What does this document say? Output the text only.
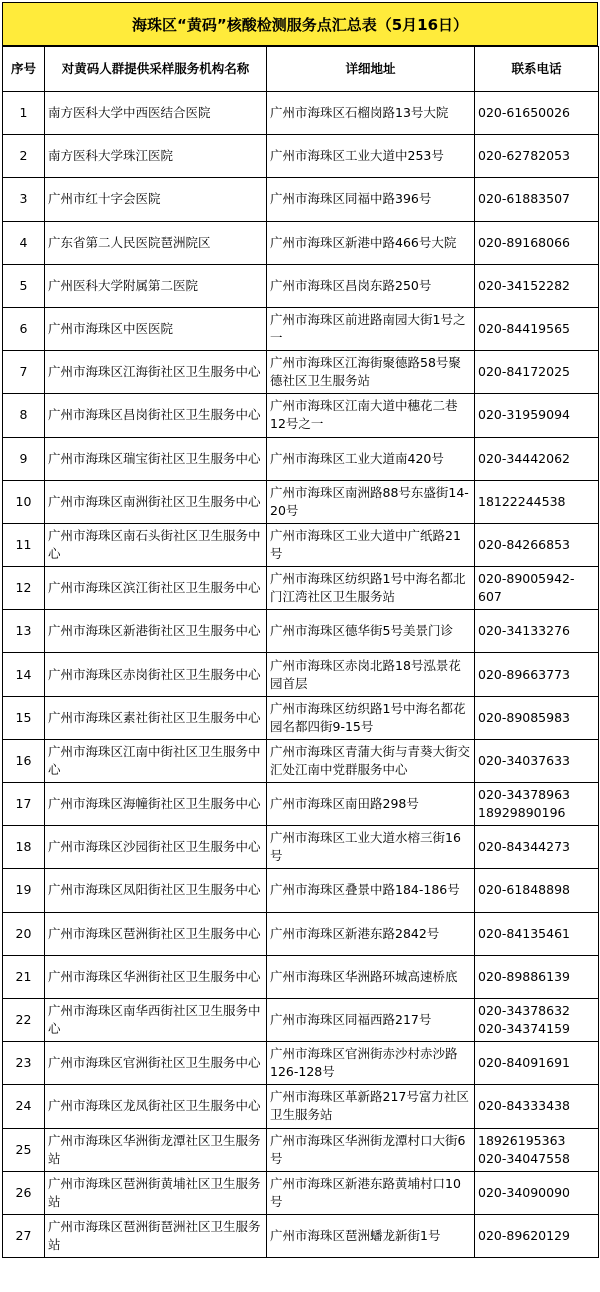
海珠区“黄码”核酸检测服务点汇总表（5月16日）
序号	对黄码人群提供采样服务机构名称	详细地址	联系电话
1	南方医科大学中西医结合医院	广州市海珠区石榴岗路13号大院	020-61650026

2	南方医科大学珠江医院	广州市海珠区工业大道中253号	020-62782053

3	广州市红十字会医院	广州市海珠区同福中路396号	020-61883507

4	广东省第二人民医院琶洲院区	广州市海珠区新港中路466号大院	020-89168066

5	广州医科大学附属第二医院	广州市海珠区昌岗东路250号	020-34152282

6	广州市海珠区中医医院	广州市海珠区前进路南园大街1号之一	020-84419565

7	广州市海珠区江海街社区卫生服务中心	广州市海珠区江海街聚德路58号聚德社区卫生服务站	020-84172025

8	广州市海珠区昌岗街社区卫生服务中心	广州市海珠区江南大道中穗花二巷12号之一	020-31959094

9	广州市海珠区瑞宝街社区卫生服务中心	广州市海珠区工业大道南420号	020-34442062

10	广州市海珠区南洲街社区卫生服务中心	广州市海珠区南洲路88号东盛街14-20号	18122244538

11	广州市海珠区南石头街社区卫生服务中心	广州市海珠区工业大道中广纸路21号	020-84266853

12	广州市海珠区滨江街社区卫生服务中心	广州市海珠区纺织路1号中海名都北门江湾社区卫生服务站	020-89005942-607

13	广州市海珠区新港街社区卫生服务中心	广州市海珠区德华街5号美景门诊	020-34133276

14	广州市海珠区赤岗街社区卫生服务中心	广州市海珠区赤岗北路18号泓景花园首层	020-89663773

15	广州市海珠区素社街社区卫生服务中心	广州市海珠区纺织路1号中海名都花园名都四街9-15号	020-89085983

16	广州市海珠区江南中街社区卫生服务中心	广州市海珠区青蒲大街与青葵大街交汇处江南中党群服务中心	020-34037633

17	广州市海珠区海幢街社区卫生服务中心	广州市海珠区南田路298号	020-34378963
18929890196

18	广州市海珠区沙园街社区卫生服务中心	广州市海珠区工业大道水榕三街16号	020-84344273

19	广州市海珠区凤阳街社区卫生服务中心	广州市海珠区叠景中路184-186号	020-61848898

20	广州市海珠区琶洲街社区卫生服务中心	广州市海珠区新港东路2842号	020-84135461

21	广州市海珠区华洲街社区卫生服务中心	广州市海珠区华洲路环城高速桥底	020-89886139

22	广州市海珠区南华西街社区卫生服务中心	广州市海珠区同福西路217号	020-34378632
020-34374159

23	广州市海珠区官洲街社区卫生服务中心	广州市海珠区官洲街赤沙村赤沙路126-128号	020-84091691

24	广州市海珠区龙凤街社区卫生服务中心	广州市海珠区革新路217号富力社区卫生服务站	020-84333438

25	广州市海珠区华洲街龙潭社区卫生服务站	广州市海珠区华洲街龙潭村口大街6号	18926195363
020-34047558

26	广州市海珠区琶洲街黄埔社区卫生服务站	广州市海珠区新港东路黄埔村口10号	020-34090090

27	广州市海珠区琶洲街琶洲社区卫生服务站	广州市海珠区琶洲蟠龙新街1号	020-89620129
